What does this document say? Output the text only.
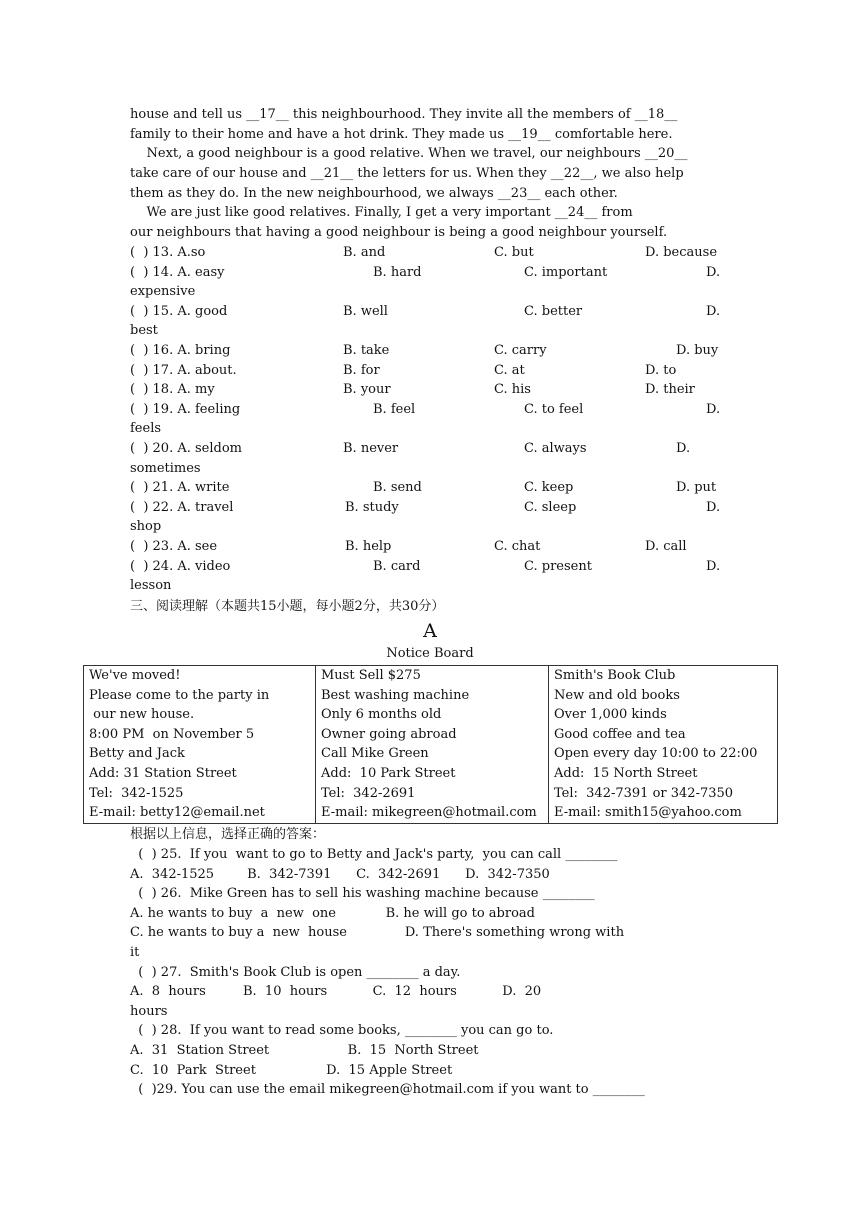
house and tell us __17__ this neighbourhood. They invite all the members of __18__
family to their home and have a hot drink. They made us __19__ comfortable here.
Next, a good neighbour is a good relative. When we travel, our neighbours __20__
take care of our house and __21__ the letters for us. When they __22__, we also help
them as they do. In the new neighbourhood, we always __23__ each other.
We are just like good relatives. Finally, I get a very important __24__ from
our neighbours that having a good neighbour is being a good neighbour yourself.
(  ) 13. A.so	B. and	C. but	D. because
(  ) 14. A. easy	B. hard	C. important	D.
expensive
(  ) 15. A. good	B. well	C. better	D.
best
(  ) 16. A. bring	B. take	C. carry	D. buy
(  ) 17. A. about.	B. for	C. at	D. to
(  ) 18. A. my	B. your	C. his	D. their
(  ) 19. A. feeling	B. feel	C. to feel	D.
feels
(  ) 20. A. seldom	B. never	C. always	D.
sometimes
(  ) 21. A. write	B. send	C. keep	D. put
(  ) 22. A. travel	B. study	C. sleep	D.
shop
(  ) 23. A. see	B. help	C. chat	D. call
(  ) 24. A. video	B. card	C. present	D.
lesson
三、阅读理解（本题共15小题，每小题2分，共30分）
A
Notice Board
We've moved!
Please come to the party in
our new house.
8:00 PM  on November 5
Betty and Jack
Add: 31 Station Street
Tel:  342-1525
E-mail: betty12@email.net

Must Sell $275
Best washing machine
Only 6 months old
Owner going abroad
Call Mike Green
Add:  10 Park Street
Tel:  342-2691
E-mail: mikegreen@hotmail.com

Smith's Book Club
New and old books
Over 1,000 kinds
Good coffee and tea
Open every day 10:00 to 22:00
Add:  15 North Street
Tel:  342-7391 or 342-7350
E-mail: smith15@yahoo.com
根据以上信息，选择正确的答案：
(  ) 25.  If you  want to go to Betty and Jack's party,  you can call ________
A.  342-1525        B.  342-7391      C.  342-2691      D.  342-7350
(  ) 26.  Mike Green has to sell his washing machine because ________
A. he wants to buy  a  new  one            B. he will go to abroad
C. he wants to buy a  new  house              D. There's something wrong with
it
(  ) 27.  Smith's Book Club is open ________ a day.
A.  8  hours         B.  10  hours           C.  12  hours           D.  20
hours
(  ) 28.  If you want to read some books, ________ you can go to.
A.  31  Station Street                   B.  15  North Street
C.  10  Park  Street                 D.  15 Apple Street
(  )29. You can use the email mikegreen@hotmail.com if you want to ________
